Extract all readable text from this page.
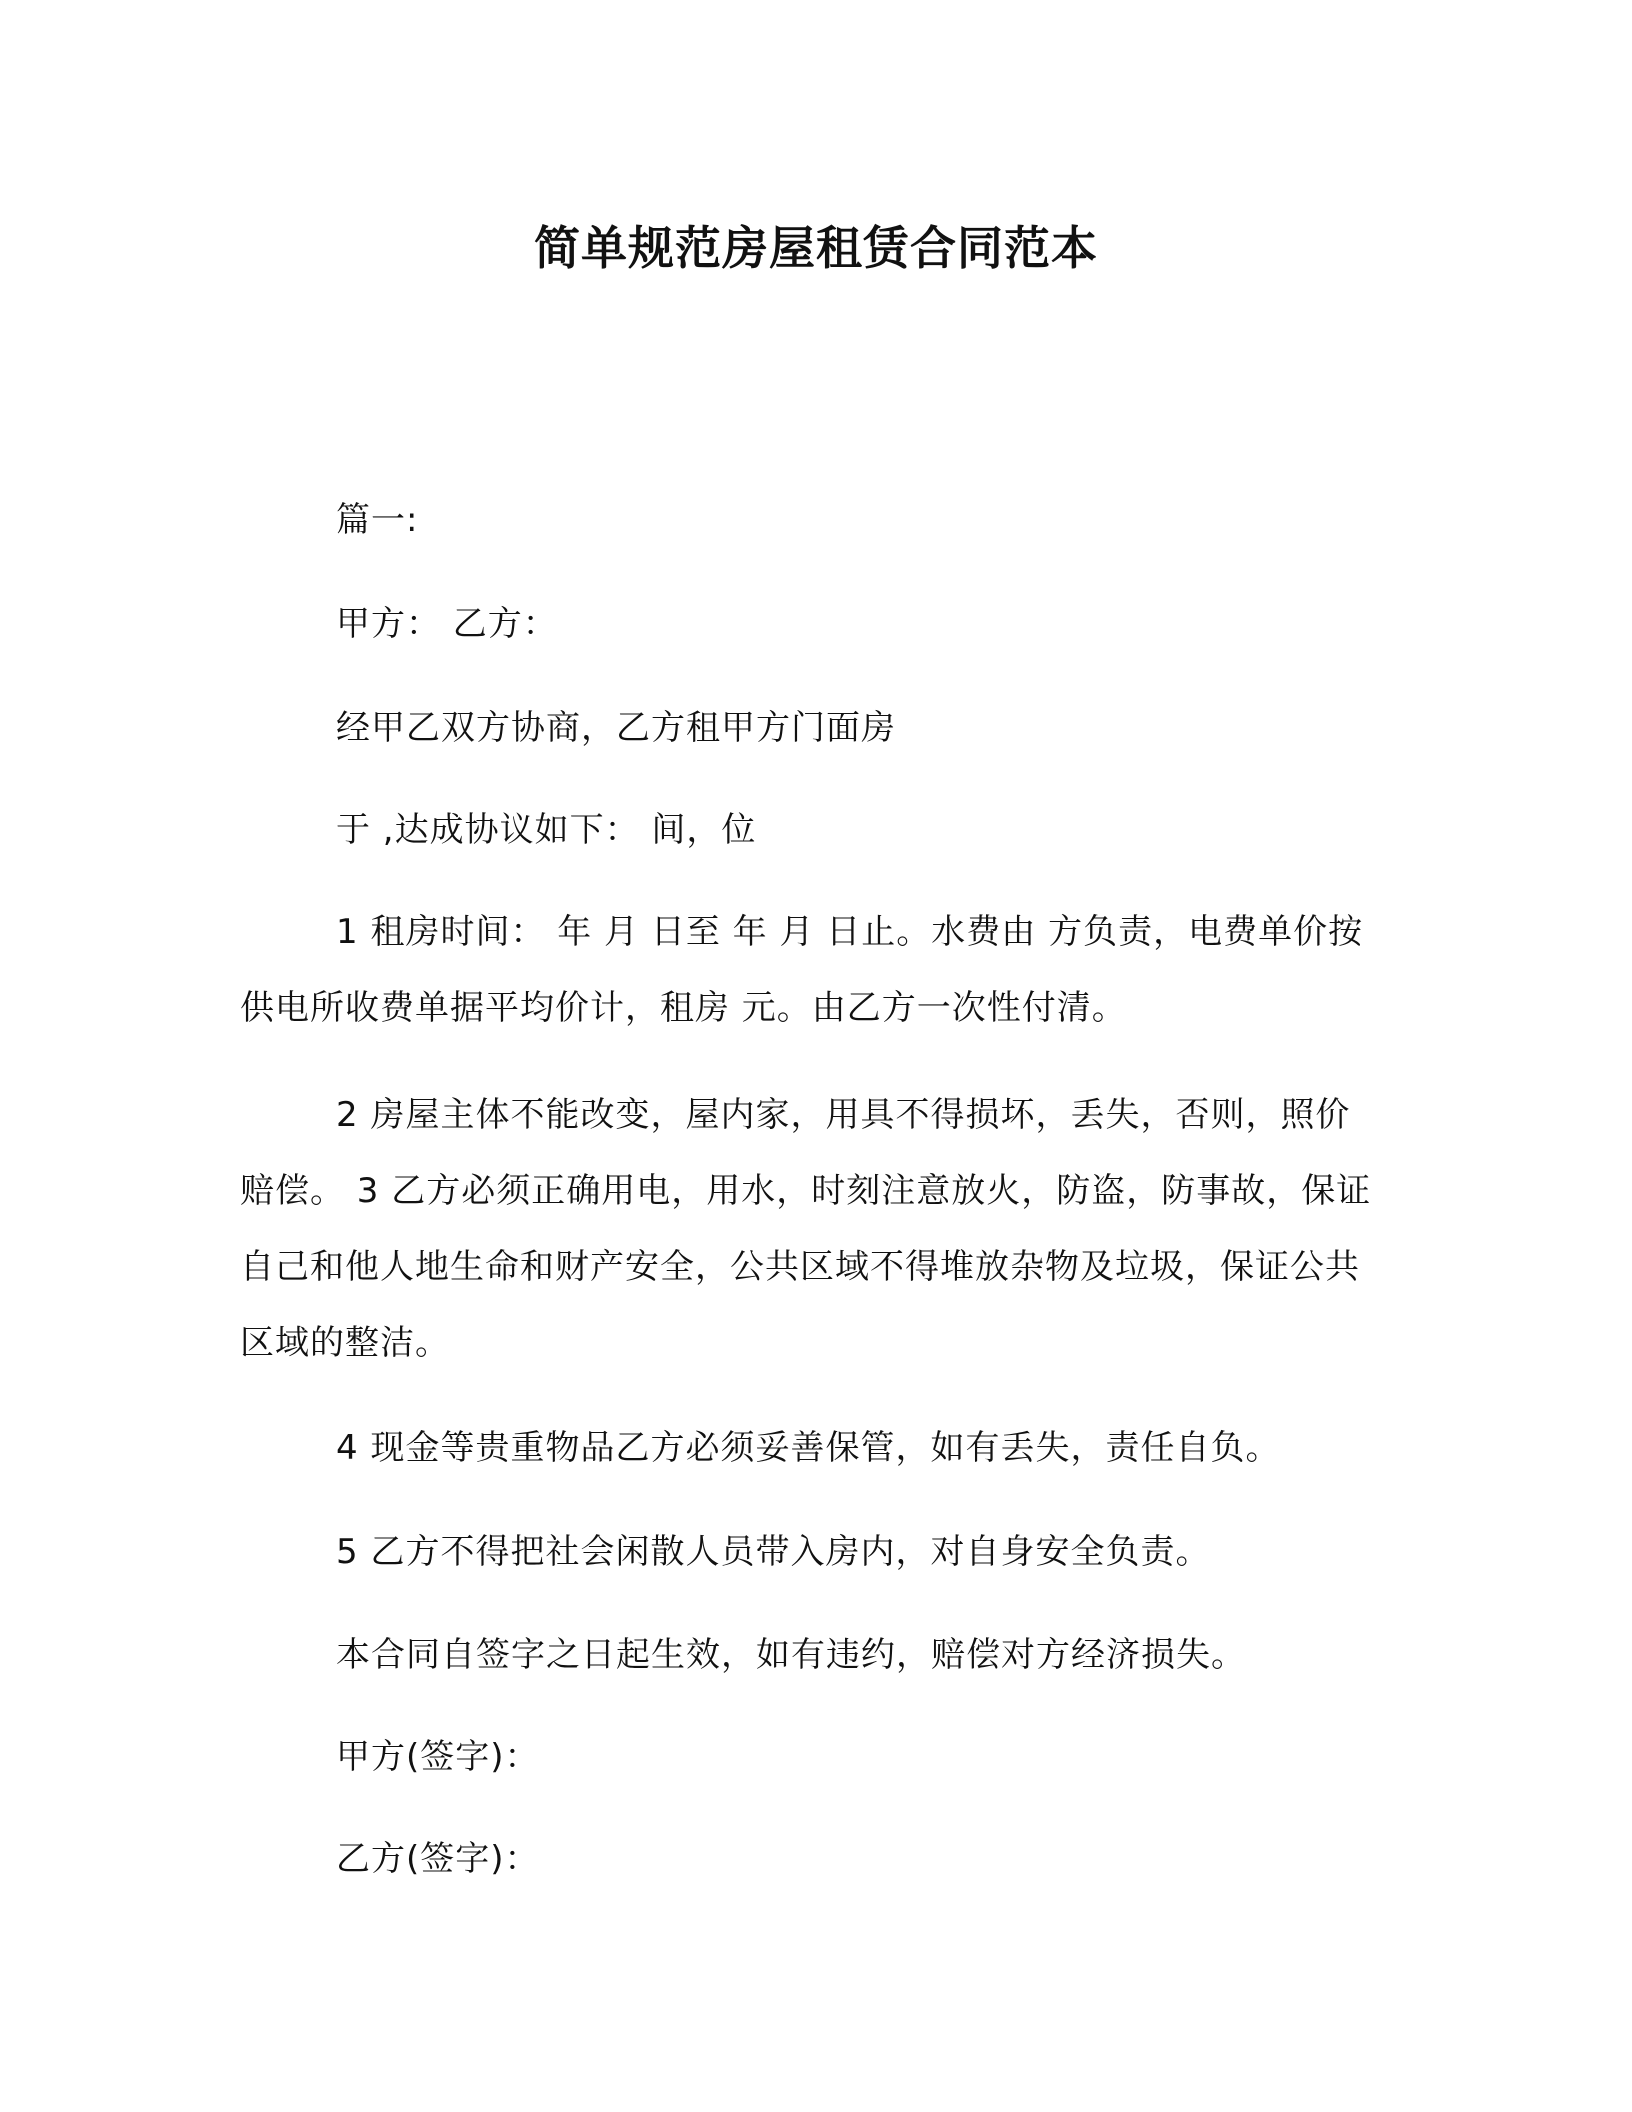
简单规范房屋租赁合同范本

篇一:

甲方： 乙方：

经甲乙双方协商，乙方租甲方门面房

于 ,达成协议如下： 间，位

1 租房时间： 年 月 日至 年 月 日止。水费由 方负责，电费单价按供电所收费单据平均价计，租房 元。由乙方一次性付清。

2 房屋主体不能改变，屋内家，用具不得损坏，丢失，否则，照价赔偿。 3 乙方必须正确用电，用水，时刻注意放火，防盗，防事故，保证自己和他人地生命和财产安全，公共区域不得堆放杂物及垃圾，保证公共区域的整洁。

4 现金等贵重物品乙方必须妥善保管，如有丢失，责任自负。

5 乙方不得把社会闲散人员带入房内，对自身安全负责。

本合同自签字之日起生效，如有违约，赔偿对方经济损失。

甲方(签字)：

乙方(签字)：
